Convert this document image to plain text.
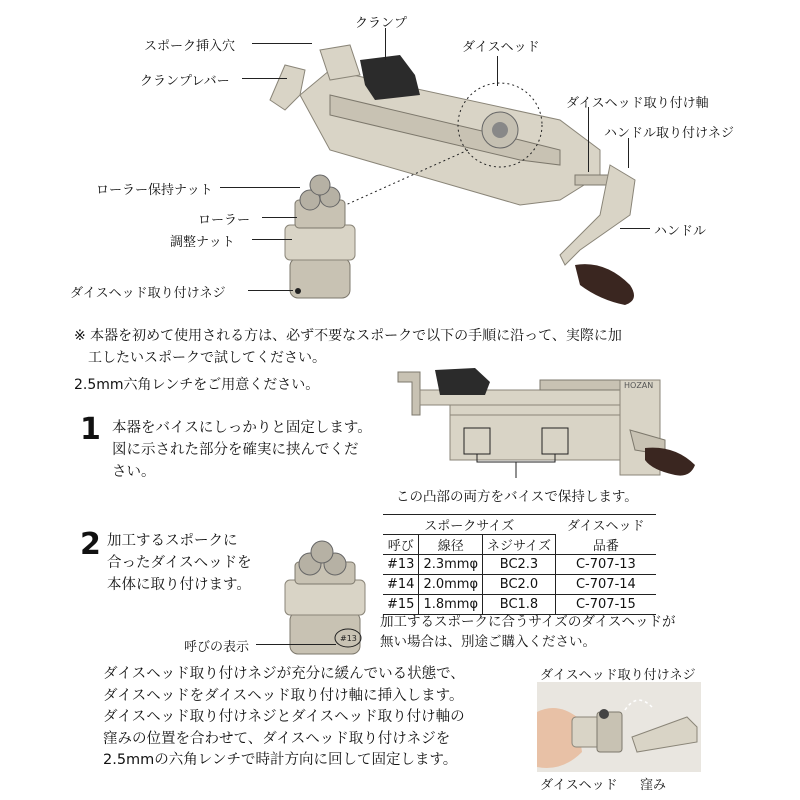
スポーク挿入穴
クランプ
クランプレバー
ダイスヘッド
ダイスヘッド取り付け軸
ハンドル取り付けネジ
ハンドル
ローラー保持ナット
ローラー
調整ナット
ダイスヘッド取り付けネジ
※ 本器を初めて使用される方は、必ず不要なスポークで以下の手順に沿って、実際に加
　工したいスポークで試してください。
2.5mm六角レンチをご用意ください。
1 本器をバイスにしっかりと固定します。
図に示された部分を確実に挟んでくだ
さい。
HOZAN
この凸部の両方をバイスで保持します。
2 加工するスポークに
合ったダイスヘッドを
本体に取り付けます。
#13
呼びの表示
スポークサイズ			ダイスヘッド
呼び	線径	ネジサイズ	品番
#13	2.3mmφ	BC2.3	C-707-13
#14	2.0mmφ	BC2.0	C-707-14
#15	1.8mmφ	BC1.8	C-707-15
加工するスポークに合うサイズのダイスヘッドが
無い場合は、別途ご購入ください。
ダイスヘッド取り付けネジが充分に緩んでいる状態で、
ダイスヘッドをダイスヘッド取り付け軸に挿入します。
ダイスヘッド取り付けネジとダイスヘッド取り付け軸の
窪みの位置を合わせて、ダイスヘッド取り付けネジを
2.5mmの六角レンチで時計方向に回して固定します。
ダイスヘッド取り付けネジ
ダイスヘッド 窪み
